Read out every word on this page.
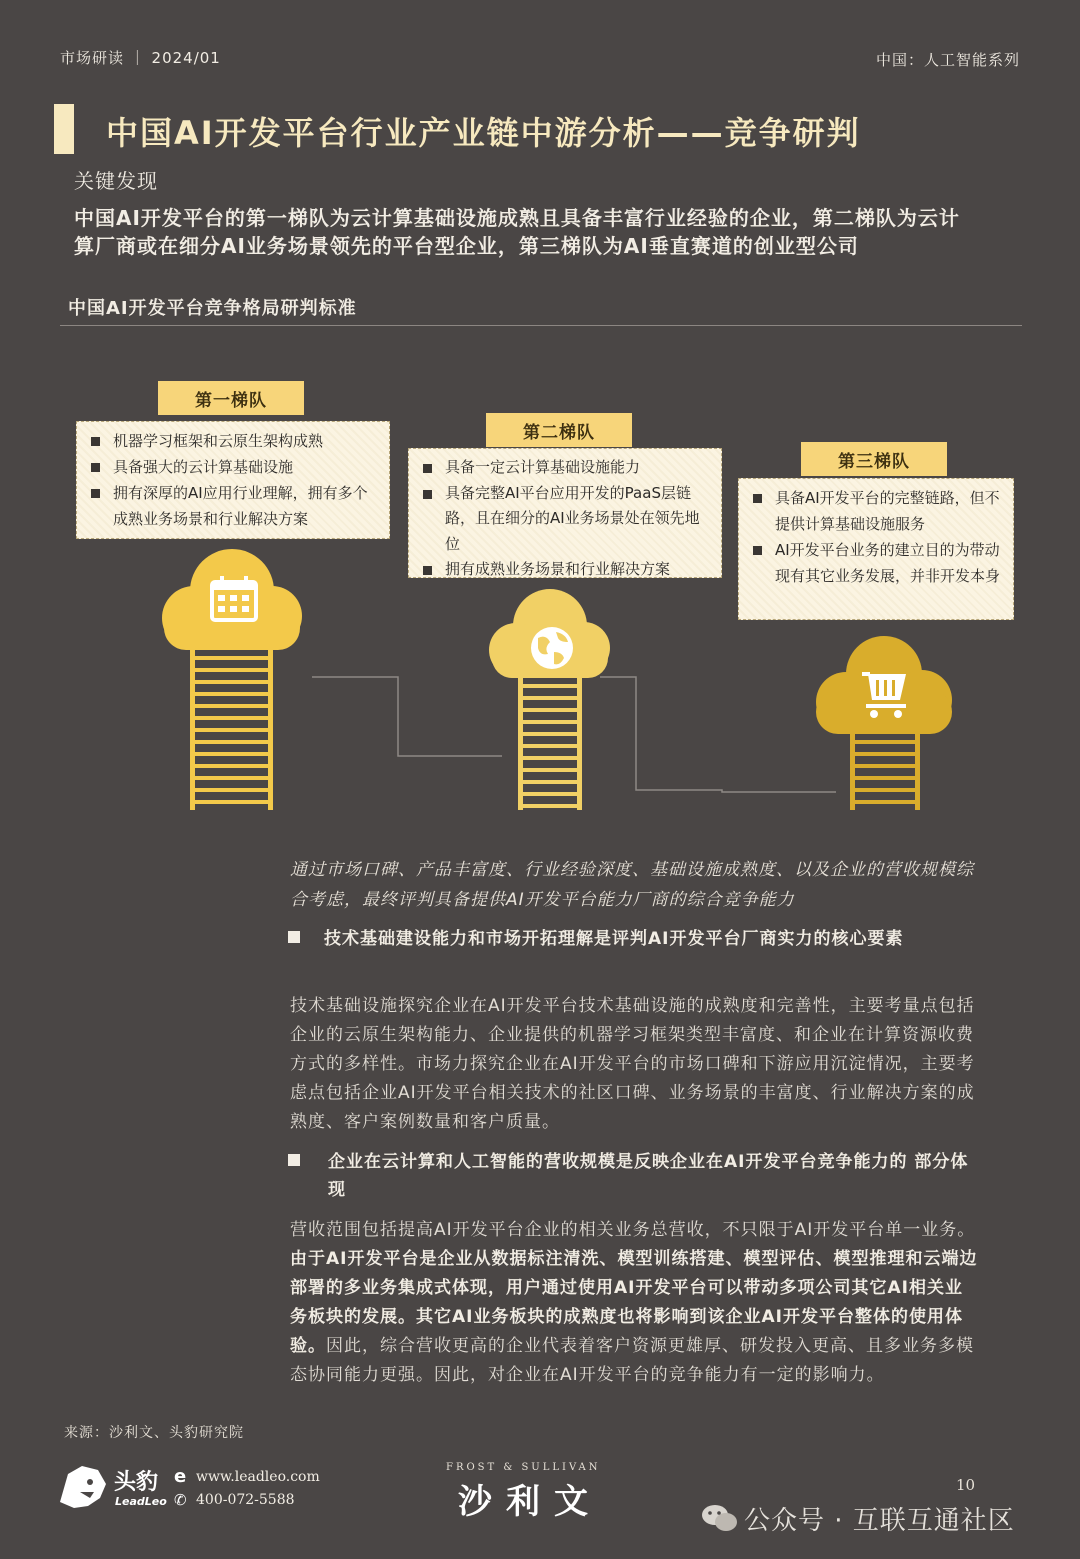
市场研读 ｜ 2024/01	中国：人工智能系列
中国AI开发平台行业产业链中游分析——竞争研判
关键发现
中国AI开发平台的第一梯队为云计算基础设施成熟且具备丰富行业经验的企业，第二梯队为云计算厂商或在细分AI业务场景领先的平台型企业，第三梯队为AI垂直赛道的创业型公司
中国AI开发平台竞争格局研判标准
第一梯队
机器学习框架和云原生架构成熟
具备强大的云计算基础设施
拥有深厚的AI应用行业理解，拥有多个成熟业务场景和行业解决方案
第二梯队
具备一定云计算基础设施能力
具备完整AI平台应用开发的PaaS层链路，且在细分的AI业务场景处在领先地位
拥有成熟业务场景和行业解决方案
第三梯队
具备AI开发平台的完整链路，但不提供计算基础设施服务
AI开发平台业务的建立目的为带动现有其它业务发展，并非开发本身
通过市场口碑、产品丰富度、行业经验深度、基础设施成熟度、以及企业的营收规模综合考虑，最终评判具备提供AI开发平台能力厂商的综合竞争能力
技术基础建设能力和市场开拓理解是评判AI开发平台厂商实力的核心要素
技术基础设施探究企业在AI开发平台技术基础设施的成熟度和完善性，主要考量点包括企业的云原生架构能力、企业提供的机器学习框架类型丰富度、和企业在计算资源收费方式的多样性。市场力探究企业在AI开发平台的市场口碑和下游应用沉淀情况，主要考虑点包括企业AI开发平台相关技术的社区口碑、业务场景的丰富度、行业解决方案的成熟度、客户案例数量和客户质量。
企业在云计算和人工智能的营收规模是反映企业在AI开发平台竞争能力的 部分体现
营收范围包括提高AI开发平台企业的相关业务总营收，不只限于AI开发平台单一业务。由于AI开发平台是企业从数据标注清洗、模型训练搭建、模型评估、模型推理和云端边部署的多业务集成式体现，用户通过使用AI开发平台可以带动多项公司其它AI相关业务板块的发展。其它AI业务板块的成熟度也将影响到该企业AI开发平台整体的使用体验。因此，综合营收更高的企业代表着客户资源更雄厚、研发投入更高、且多业务多模态协同能力更强。因此，对企业在AI开发平台的竞争能力有一定的影响力。
来源：沙利文、头豹研究院
头豹
LeadLeo
e www.leadleo.com
✆ 400-072-5588
FROST & SULLIVAN
沙利文	10
公众号 · 互联互通社区
